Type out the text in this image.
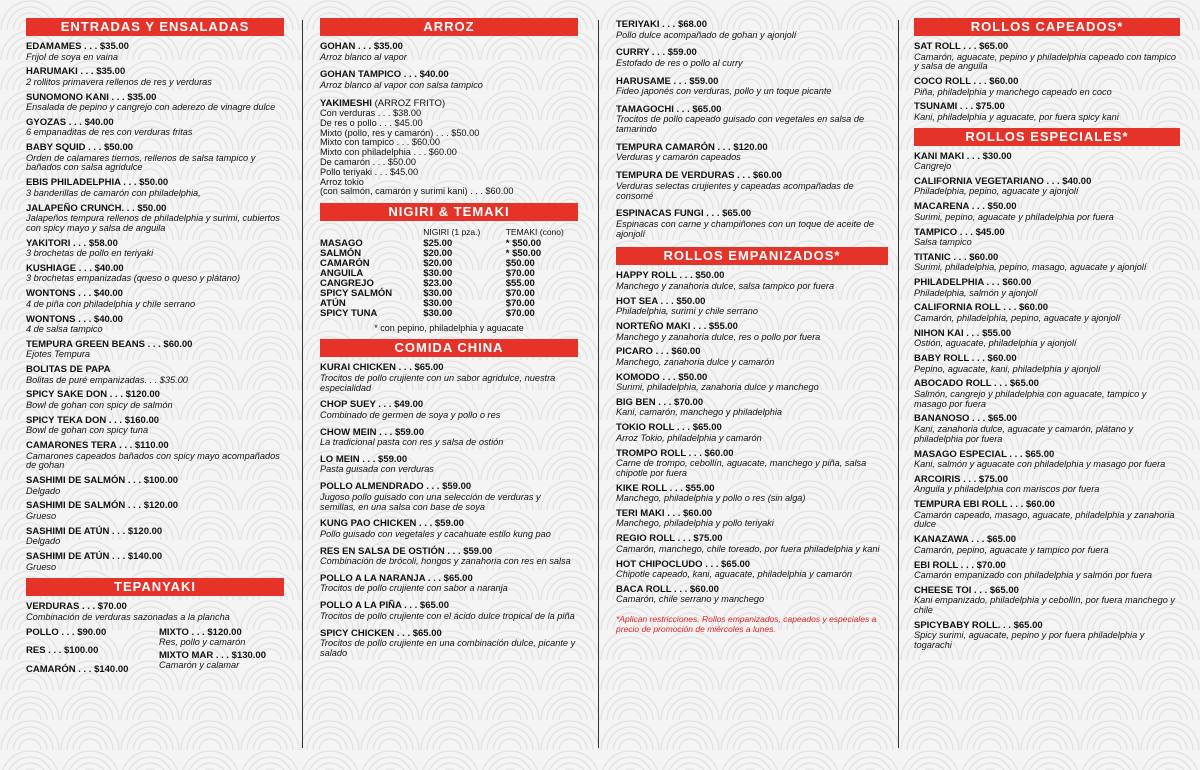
ENTRADAS Y ENSALADAS
EDAMAMES . . . $35.00
Frijol de soya en vaina
HARUMAKI . . . $35.00
2 rollitos primavera rellenos de res y verduras
SUNOMONO KANI . . . $35.00
Ensalada de pepino y cangrejo con aderezo de vinagre dulce
GYOZAS . . . $40.00
6 empanaditas de res con verduras fritas
BABY SQUID . . . $50.00
Orden de calamares tiernos, rellenos de salsa tampico y bañados con salsa agridulce
EBIS PHILADELPHIA . . . $50.00
3 banderillas de camarón con philadelphia,
JALAPEÑO CRUNCH. . . $50.00
Jalapeños tempura rellenos de philadelphia y surimi, cubiertos con spicy mayo y salsa de anguila
YAKITORI . . . $58.00
3 brochetas de pollo en teriyaki
KUSHIAGE . . . $40.00
3 brochetas empanizadas (queso o queso y plátano)
WONTONS . . . $40.00
4 de piña con philadelphia y chile serrano
WONTONS . . . $40.00
4 de salsa tampico
TEMPURA GREEN BEANS . . . $60.00
Ejotes Tempura
BOLITAS DE PAPA
Bolitas de puré empanizadas. . . $35.00
SPICY SAKE DON . . . $120.00
Bowl de gohan con spicy de salmón
SPICY TEKA DON . . . $160.00
Bowl de gohan con spicy tuna
CAMARONES TERA . . . $110.00
Camarones capeados bañados con spicy mayo acompañados de gohan
SASHIMI DE SALMÓN . . . $100.00
Delgado
SASHIMI DE SALMÓN . . . $120.00
Grueso
SASHIMI DE ATÚN . . . $120.00
Delgado
SASHIMI DE ATÚN . . . $140.00
Grueso
TEPANYAKI
VERDURAS . . . $70.00
Combinación de verduras sazonadas a la plancha
POLLO . . . $90.00
RES . . . $100.00
CAMARÓN . . . $140.00
MIXTO . . . $120.00
Res, pollo y camarón
MIXTO MAR . . . $130.00
Camarón y calamar
ARROZ
GOHAN . . . $35.00
Arroz blanco al vapor
GOHAN TAMPICO . . . $40.00
Arroz blanco al vapor con salsa tampico
YAKIMESHI (ARROZ FRITO)
Con verduras . . . $38.00
De res o pollo . . . $45.00
Mixto (pollo, res y camarón) . . . $50.00
Mixto con tampico . . . $60.00
Mixto con philadelphia . . . $60.00
De camarón . . . $50.00
Pollo teriyaki . . . $45.00
Arroz tokio
(con salmón, camarón y surimi kani) . . . $60.00
NIGIRI & TEMAKI
	NIGIRI (1 pza.)	TEMAKI (cono)
MASAGO	$25.00	* $50.00
SALMÓN	$20.00	* $50.00
CAMARÓN	$20.00	$50.00
ANGUILA	$30.00	$70.00
CANGREJO	$23.00	$55.00
SPICY SALMÓN	$30.00	$70.00
ATÚN	$30.00	$70.00
SPICY TUNA	$30.00	$70.00
* con pepino, philadelphia y aguacate
COMIDA CHINA
KURAI CHICKEN . . . $65.00
Trocitos de pollo crujiente con un sabor agridulce, nuestra especialidad
CHOP SUEY . . . $49.00
Combinado de germen de soya y pollo o res
CHOW MEIN . . . $59.00
La tradicional pasta con res y salsa de ostión
LO MEIN . . . $59.00
Pasta guisada con verduras
POLLO ALMENDRADO . . . $59.00
Jugoso pollo guisado con una selección de verduras y semillas, en una salsa con base de soya
KUNG PAO CHICKEN . . . $59.00
Pollo guisado con vegetales y cacahuate estilo kung pao
RES EN SALSA DE OSTIÓN . . . $59.00
Combinación de brócoli, hongos y zanahoria con res en salsa
POLLO A LA NARANJA . . . $65.00
Trocitos de pollo crujiente con sabor a naranja
POLLO A LA PIÑA . . . $65.00
Trocitos de pollo crujiente con el ácido dulce tropical de la piña
SPICY CHICKEN . . . $65.00
Trocitos de pollo crujiente en una combinación dulce, picante y salado
TERIYAKI . . . $68.00
Pollo dulce acompañado de gohan y ajonjolí
CURRY . . . $59.00
Estofado de res o pollo al curry
HARUSAME . . . $59.00
Fideo japonés con verduras, pollo y un toque picante
TAMAGOCHI . . . $65.00
Trocitos de pollo capeado guisado con vegetales en salsa de tamarindo
TEMPURA CAMARÓN . . . $120.00
Verduras y camarón capeados
TEMPURA DE VERDURAS . . . $60.00
Verduras selectas crujientes y capeadas acompañadas de consomé
ESPINACAS FUNGI . . . $65.00
Espinacas con carne y champiñones con un toque de aceite de ajonjolí
ROLLOS EMPANIZADOS*
HAPPY ROLL . . . $50.00
Manchego y zanahoria dulce, salsa tampico por fuera
HOT SEA . . . $50.00
Philadelphia, surimi y chile serrano
NORTEÑO MAKI . . . $55.00
Manchego y zanahoria dulce, res o pollo por fuera
PICARO . . . $60.00
Manchego, zanahoria dulce y camarón
KOMODO . . . $50.00
Surimi, philadelphia, zanahoria dulce y manchego
BIG BEN . . . $70.00
Kani, camarón, manchego y philadelphia
TOKIO ROLL . . . $65.00
Arroz Tokio, philadelphia y camarón
TROMPO ROLL . . . $60.00
Carne de trompo, cebollín, aguacate, manchego y piña, salsa chipotle por fuera
KIKE ROLL . . . $55.00
Manchego, philadelphia y pollo o res (sin alga)
TERI MAKI . . . $60.00
Manchego, philadelphia y pollo teriyaki
REGIO ROLL . . . $75.00
Camarón, manchego, chile toreado, por fuera philadelphia y kani
HOT CHIPOCLUDO . . . $65.00
Chipotle capeado, kani, aguacate, philadelphia y camarón
BACA ROLL . . . $60.00
Camarón, chile serrano y manchego
*Aplican restricciones. Rollos empanizados, capeados y especiales a precio de promoción de miércoles a lunes.
ROLLOS CAPEADOS*
SAT ROLL . . . $65.00
Camarón, aguacate, pepino y philadelphia capeado con tampico y salsa de anguila
COCO ROLL . . . $60.00
Piña, philadelphia y manchego capeado en coco
TSUNAMI . . . $75.00
Kani, philadelphia y aguacate, por fuera spicy kani
ROLLOS ESPECIALES*
KANI MAKI . . . $30.00
Cangrejo
CALIFORNIA VEGETARIANO . . . $40.00
Philadelphia, pepino, aguacate y ajonjolí
MACARENA . . . $50.00
Surimi, pepino, aguacate y philadelphia por fuera
TAMPICO . . . $45.00
Salsa tampico
TITANIC . . . $60.00
Surimi, philadelphia, pepino, masago, aguacate y ajonjolí
PHILADELPHIA . . . $60.00
Philadelphia, salmón y ajonjolí
CALIFORNIA ROLL . . . $60.00
Camarón, philadelphia, pepino, aguacate y ajonjolí
NIHON KAI . . . $55.00
Ostión, aguacate, philadelphia y ajonjolí
BABY ROLL . . . $60.00
Pepino, aguacate, kani, philadelphia y ajonjolí
ABOCADO ROLL . . . $65.00
Salmón, cangrejo y philadelphia con aguacate, tampico y masago por fuera
BANANOSO . . . $65.00
Kani, zanahoria dulce, aguacate y camarón, plátano y philadelphia por fuera
MASAGO ESPECIAL . . . $65.00
Kani, salmón y aguacate con philadelphia y masago por fuera
ARCOIRIS . . . $75.00
Anguila y philadelphia con mariscos por fuera
TEMPURA EBI ROLL . . . $60.00
Camarón capeado, masago, aguacate, philadelphia y zanahoria dulce
KANAZAWA . . . $65.00
Camarón, pepino, aguacate y tampico por fuera
EBI ROLL . . . $70.00
Camarón empanizado con philadelphia y salmón por fuera
CHEESE TOI . . . $65.00
Kani empanizado, philadelphia y cebollín, por fuera manchego y chile
SPICYBABY ROLL. . . $65.00
Spicy surimi, aguacate, pepino y por fuera philadelphia y togarachi
